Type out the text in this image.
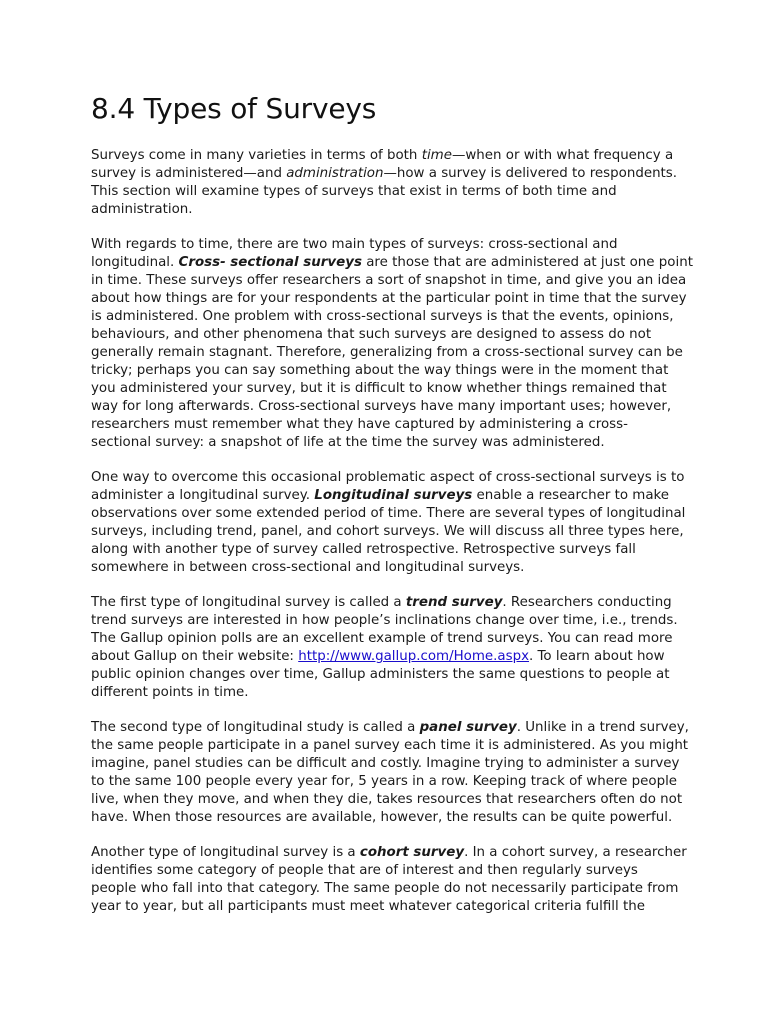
8.4 Types of Surveys

Surveys come in many varieties in terms of both time—when or with what frequency a
survey is administered—and administration—how a survey is delivered to respondents.
This section will examine types of surveys that exist in terms of both time and
administration.

With regards to time, there are two main types of surveys: cross-sectional and
longitudinal. Cross- sectional surveys are those that are administered at just one point
in time. These surveys offer researchers a sort of snapshot in time, and give you an idea
about how things are for your respondents at the particular point in time that the survey
is administered. One problem with cross-sectional surveys is that the events, opinions,
behaviours, and other phenomena that such surveys are designed to assess do not
generally remain stagnant. Therefore, generalizing from a cross-sectional survey can be
tricky; perhaps you can say something about the way things were in the moment that
you administered your survey, but it is difficult to know whether things remained that
way for long afterwards. Cross-sectional surveys have many important uses; however,
researchers must remember what they have captured by administering a cross-
sectional survey: a snapshot of life at the time the survey was administered.

One way to overcome this occasional problematic aspect of cross-sectional surveys is to
administer a longitudinal survey. Longitudinal surveys enable a researcher to make
observations over some extended period of time. There are several types of longitudinal
surveys, including trend, panel, and cohort surveys. We will discuss all three types here,
along with another type of survey called retrospective. Retrospective surveys fall
somewhere in between cross-sectional and longitudinal surveys.

The first type of longitudinal survey is called a trend survey. Researchers conducting
trend surveys are interested in how people’s inclinations change over time, i.e., trends.
The Gallup opinion polls are an excellent example of trend surveys. You can read more
about Gallup on their website: http://www.gallup.com/Home.aspx. To learn about how
public opinion changes over time, Gallup administers the same questions to people at
different points in time.

The second type of longitudinal study is called a panel survey. Unlike in a trend survey,
the same people participate in a panel survey each time it is administered. As you might
imagine, panel studies can be difficult and costly. Imagine trying to administer a survey
to the same 100 people every year for, 5 years in a row. Keeping track of where people
live, when they move, and when they die, takes resources that researchers often do not
have. When those resources are available, however, the results can be quite powerful.

Another type of longitudinal survey is a cohort survey. In a cohort survey, a researcher
identifies some category of people that are of interest and then regularly surveys
people who fall into that category. The same people do not necessarily participate from
year to year, but all participants must meet whatever categorical criteria fulfill the
